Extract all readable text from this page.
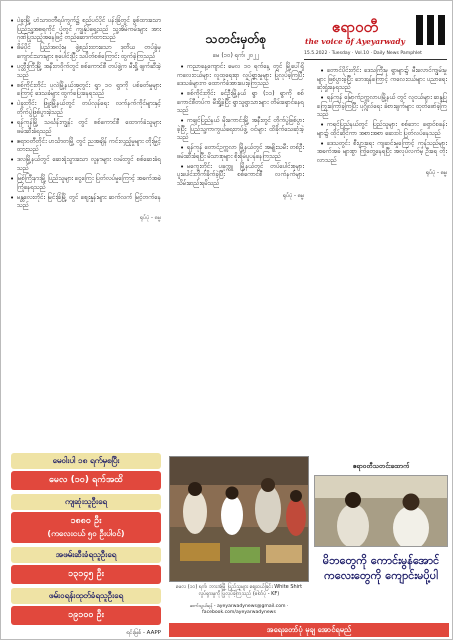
• ပဲခူးမြို့ ဟံသာဝတီရပ်ကွက်၌ စည်ပင်ပိုင် ပန်းခြံတွင် ခွစ်ထားသောပြည်သူ့အစရကိုင် ပုံတွင် ကျွန်ုပ်ရှေ့သည် သူ့အိမ်ကမ်းများ အား ဂုဏ်ပြုသည့်အနေဖြင့် တည်ဆောက်ထားသည်
• ဖိမ်ပိုင် ပြည်အလုံးမှ ဖွဲ့စည်းထားသော ဒုတိယ တပ်ခွဲမှ ကျောင်းသားများ စုပေါင်းပြီး သပိတ်စစ်ကြောင်း ထွက်ခဲ့ကြသည်
• ပုတ္တီးကြီးမြို့ အနီးတဝိုက်တွင် စစ်ကောင်စီ တပ်ဖွဲ့က မီးရှို့ ဖျက်ဆီးခဲ့သည်
• စစ်ကိုင်းတိုင်း ပုလဲမြို့နယ်အတွင်း ရွာ ၁၀ ရွာကို ပစ်ခတ်မှုများကြောင့် ဒေသခံများ ထွက်ပြေးနေရသည်
• ပဲခူးတိုင်း ဖြူးမြို့နယ်တွင် တပ်လှန်ရေး လက်နက်ကိုင်များနှင့် တိုက်ပွဲဖြစ်ပွားခဲ့သည်
• ရန်ကုန်မြို့ သင်္ဃန်းကျွန်း တွင် စစ်ကောင်စီ ထောက်ခံသူများ ဖမ်းဆီးခံရသည်
• ဧရာဝတီတိုင်း ဟင်္သာတမြို့ တွင် ညအချိန် ကင်းလှည့်မှုများ တိုးမြှင့်ထားသည်
• ဒလမြို့နယ်တွင် ဆေးရုံသွားသော လူနာများ လမ်းတွင် စစ်ဆေးခံရသည်
• မြစ်ကြီးနားမြို့ ပြည်သူများ ငွေကြေး ပြတ်လပ်မှုကြောင့် အခက်အခဲ ကြုံနေရသည်
• မန္တလေးတိုင်း မြင်းခြံမြို့ တွင် ဈေးနှုန်းများ ဆက်လက် မြင့်တက်နေသည်
ရုပ်ပုံ - ဓမ္မ
ဧရာဝတီ
the voice of Ayeyarwady
15.5.2022 · Tuesday · Vol.10 · Daily News Pamphlet
သတင်းမှတ်စု
မေ (၁၀) ရက်၊ ၂၀၂၂

• ကညာနေ့ကျောင်း မေလ ၁၀ ရက်နေ့ တွင် မြို့ပေါ်ရှိ ကလေးငယ်များ လူထုရေးရာ လှုပ်ရှားမှုများ ပြုလုပ်ခဲ့ကြပြီး ဒေသခံများက ထောက်ခံအားပေးခဲ့ကြသည်

• စစ်ကိုင်းတိုင်း ခင်ဦးမြို့နယ် ရွာ (၁၁) ရွာကို စစ်ကောင်စီတပ်က မီးရှို့ခဲ့ပြီး ရွာသူရွာသားများ တိမ်းရှောင်နေရသည်

• ကချင်ပြည်နယ် မိုးကောင်းမြို့ အနီးတွင် တိုက်ပွဲဖြစ်ပွားခဲ့ပြီး ပြည်သူ့ကာကွယ်ရေးတပ်ဖွဲ့ ဝင်များ ထိခိုက်သေဆုံးခဲ့သည်

• ရန်ကုန် တောင်ဥက္ကလာ မြို့နယ်တွင် အမျိုးသမီး တစ်ဦး ဖမ်းဆီးခံရပြီး မိသားစုများ စိုးရိမ်ပူပန်နေကြသည်

• မကွေးတိုင်း ပခုက္ကူ မြို့နယ်တွင် တပ်ပေါင်းစုများ ပူးပေါင်းတိုက်ခိုက်ခဲ့ပြီး စစ်ကောင်စီ လက်နက်များ သိမ်းဆည်းရမိသည်

ရုပ်ပုံ - ဓမ္မ

• တောင်ပိုင်းတိုင်း ဒေသကြီးမှ ရွာများ၌ မီးလောင်ကျွမ်းမှုများ ဖြစ်ပွားခဲ့ပြီး ဘေးရန်ကြောင့် ကလေးငယ်များ ပညာရေး ဆုံးရှုံးနေရသည်

• ရန်ကုန် မြောက်ဥက္ကလာပမြို့နယ် တွင် လူငယ်များ ဆန္ဒပြ ကြွေးကြော်ခဲ့ကြပြီး ပုဂ္ဂိုလ်ရေး ခံစားချက်များ ထုတ်ဖော်ခဲ့ကြသည်

• ကရင်ပြည်နယ်တွင် ပြည်သူများ စစ်ဘေး ရှောင်စခန်းများ၌ ထိုင်ဆိုင်ကာ အစားအစာ ဆေးဝါး ပြတ်လပ်နေသည်

• ဒေသတွင်း စီးပွားရေး ကျဆင်းမှုကြောင့် ကုန်သည်များ အခက်အခဲ များစွာ ကြုံတွေ့နေရပြီး အလုပ်လက်မဲ့ ဦးရေ တိုးလာသည်

ရုပ်ပုံ - ဓမ္မ
မေဝါးပါ ၁၈ ရက်မှစပြီး
မေလ (၁၀) ရက်အထိ
ကျဆုံးသူဦးရေ
၁၈၈၀ ဦး
(ကလေးငယ် ၅၀ ဦးပါဝင်)
အဖမ်းဆီးခံရသူဦးရေ
၁၃၁၄၅ ဦး
ဖမ်းဝရန်းထုတ်ခံရသူဦးရေ
၁၉၁၀၀ ဦး
ရင်းမြစ် - AAPP
မေလ (၁၀) ရက်၊ ဘားအံမြို့ ပြည်သူများ ဈေးဝယ်ခြင်း White Shirt လှုပ်ရှားမှုကို ပြုလုပ်ခဲ့ကြသည် (ဓါတ်ပုံ - KF)
ဧရာဝတီသတင်းထောက်
မိဘတွေကို ကောင်းမွန်အောင် ကလေးတွေကို ကျောင်းမပို့ပါ
ဆက်သွယ်ရန် - ayeyarwadynews@gmail.com · facebook.com/ayeyarwadynews
အရေးတော်ပုံ မုချ အောင်ရမည်
